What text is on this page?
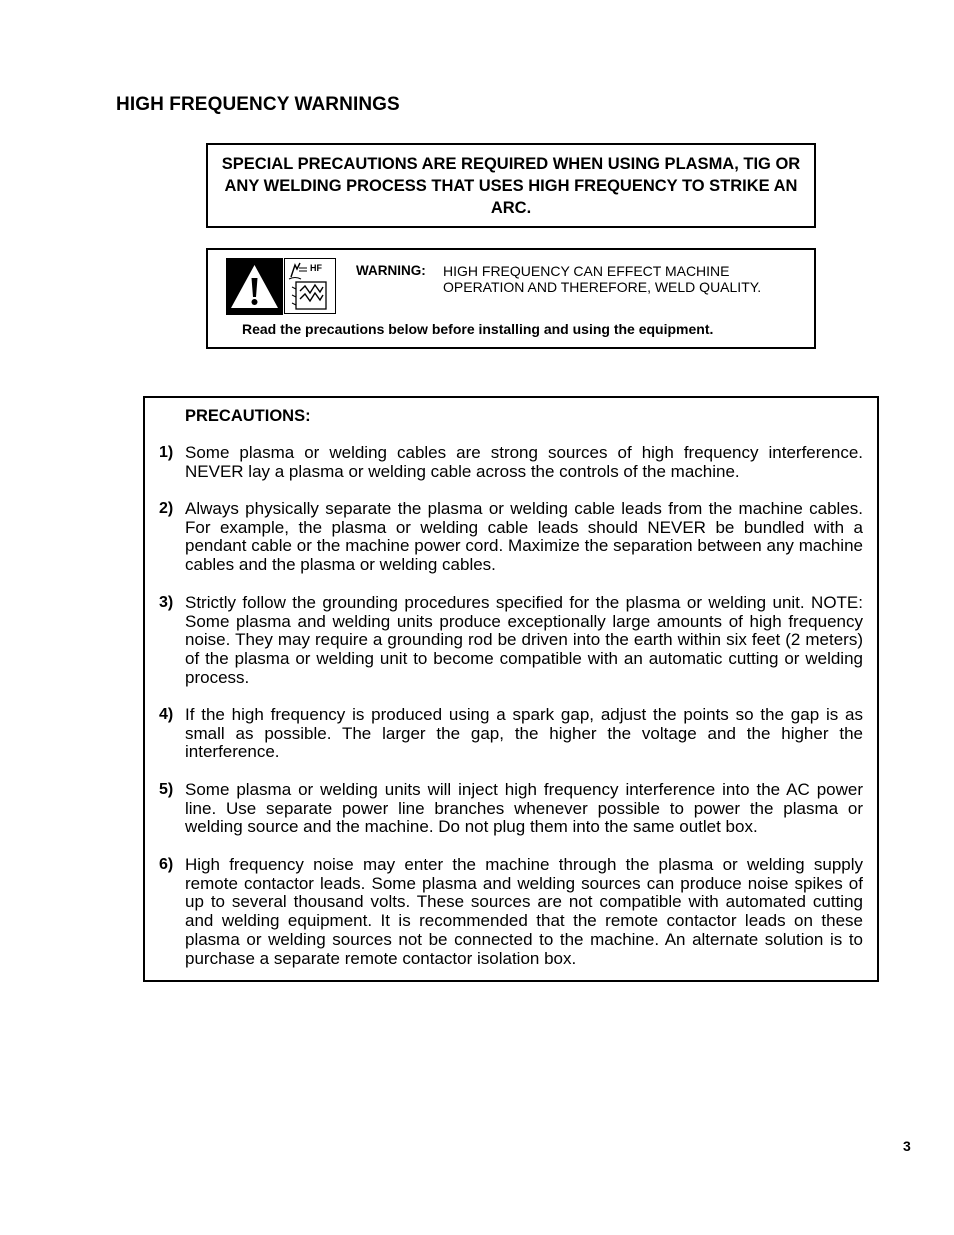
HIGH FREQUENCY WARNINGS
SPECIAL PRECAUTIONS ARE REQUIRED WHEN USING PLASMA, TIG OR ANY WELDING PROCESS THAT USES HIGH FREQUENCY TO STRIKE AN ARC.
HF	WARNING: HIGH FREQUENCY CAN EFFECT MACHINE
OPERATION AND THEREFORE, WELD QUALITY.
Read the precautions below before installing and using the equipment.
PRECAUTIONS:
1) Some plasma or welding cables are strong sources of high frequency interference. NEVER lay a plasma or welding cable across the controls of the machine.
2) Always physically separate the plasma or welding cable leads from the machine cables. For example, the plasma or welding cable leads should NEVER be bundled with a pendant cable or the machine power cord. Maximize the separation between any machine cables and the plasma or welding cables.
3) Strictly follow the grounding procedures specified for the plasma or welding unit. NOTE: Some plasma and welding units produce exceptionally large amounts of high frequency noise. They may require a grounding rod be driven into the earth within six feet (2 meters) of the plasma or welding unit to become compatible with an automatic cutting or welding process.
4) If the high frequency is produced using a spark gap, adjust the points so the gap is as small as possible. The larger the gap, the higher the voltage and the higher the interference.
5) Some plasma or welding units will inject high frequency interference into the AC power line. Use separate power line branches whenever possible to power the plasma or welding source and the machine. Do not plug them into the same outlet box.
6) High frequency noise may enter the machine through the plasma or welding supply remote contactor leads. Some plasma and welding sources can produce noise spikes of up to several thousand volts. These sources are not compatible with automated cutting and welding equipment. It is recommended that the remote contactor leads on these plasma or welding sources not be connected to the machine. An alternate solution is to purchase a separate remote contactor isolation box.
3
